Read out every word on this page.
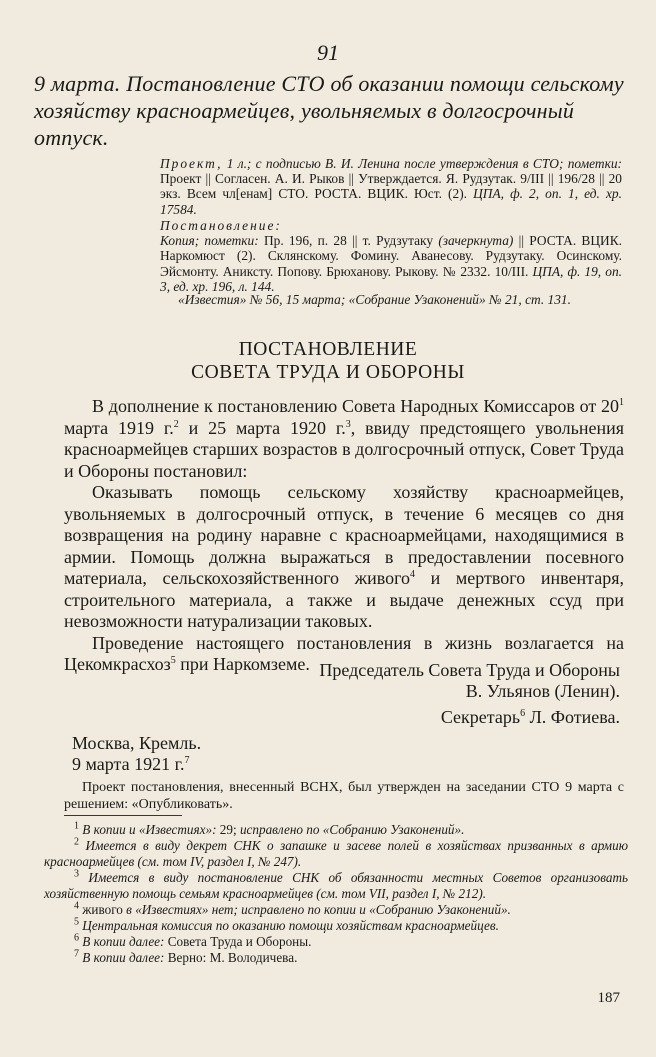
91
9 марта. Постановление СТО об оказании помощи сельскому хозяйству красноармейцев, увольняемых в долгосрочный отпуск.
Проект, 1 л.; с подписью В. И. Ленина после утверждения в СТО; пометки: Проект || Согласен. А. И. Рыков || Утверждается. Я. Рудзутак. 9/III || 196/28 || 20 экз. Всем чл[енам] СТО. РОСТА. ВЦИК. Юст. (2). ЦПА, ф. 2, оп. 1, ед. хр. 17584.
Постановление:
Копия; пометки: Пр. 196, п. 28 || т. Рудзутаку (зачеркнута) || РОСТА. ВЦИК. Наркомюст (2). Склянскому. Фомину. Аванесову. Рудзутаку. Осинскому. Эйсмонту. Аниксту. Попову. Брюханову. Рыкову. № 2332. 10/III. ЦПА, ф. 19, оп. 3, ед. хр. 196, л. 144.
«Известия» № 56, 15 марта; «Собрание Узаконений» № 21, ст. 131.
ПОСТАНОВЛЕНИЕ
СОВЕТА ТРУДА И ОБОРОНЫ

В дополнение к постановлению Совета Народных Комиссаров от $20^1$ марта 1919 г.$^2$ и 25 марта 1920 г.$^3$, ввиду предстоящего увольнения красноармейцев старших возрастов в долгосрочный отпуск, Совет Труда и Обороны постановил:

Оказывать помощь сельскому хозяйству красноармейцев, увольняемых в долгосрочный отпуск, в течение 6 месяцев со дня возвращения на родину наравне с красноармейцами, находящимися в армии. Помощь должна выражаться в предоставлении посевного материала, сельскохозяйственного живого$^4$ и мертвого инвентаря, строительного материала, а также и выдаче денежных ссуд при невозможности натурализации таковых.

Проведение настоящего постановления в жизнь возлагается на Цекомкрасхоз$^5$ при Наркомземе. Председатель Совета Труда и Обороны
В. Ульянов (Ленин).
Секретарь$^6$ Л. Фотиева.
Москва, Кремль.
9 марта 1921 г.$^7$
Проект постановления, внесенный ВСНХ, был утвержден на заседании СТО 9 марта с решением: «Опубликовать».
$^1$ В копии и «Известиях»: 29; исправлено по «Собранию Узаконений».
$^2$ Имеется в виду декрет СНК о запашке и засеве полей в хозяйствах призванных в армию красноармейцев (см. том IV, раздел I, № 247).
$^3$ Имеется в виду постановление СНК об обязанности местных Советов организовать хозяйственную помощь семьям красноармейцев (см. том VII, раздел I, № 212).
$^4$ живого в «Известиях» нет; исправлено по копии и «Собранию Узаконений».
$^5$ Центральная комиссия по оказанию помощи хозяйствам красноармейцев.
$^6$ В копии далее: Совета Труда и Обороны.
$^7$ В копии далее: Верно: М. Володичева.
187
